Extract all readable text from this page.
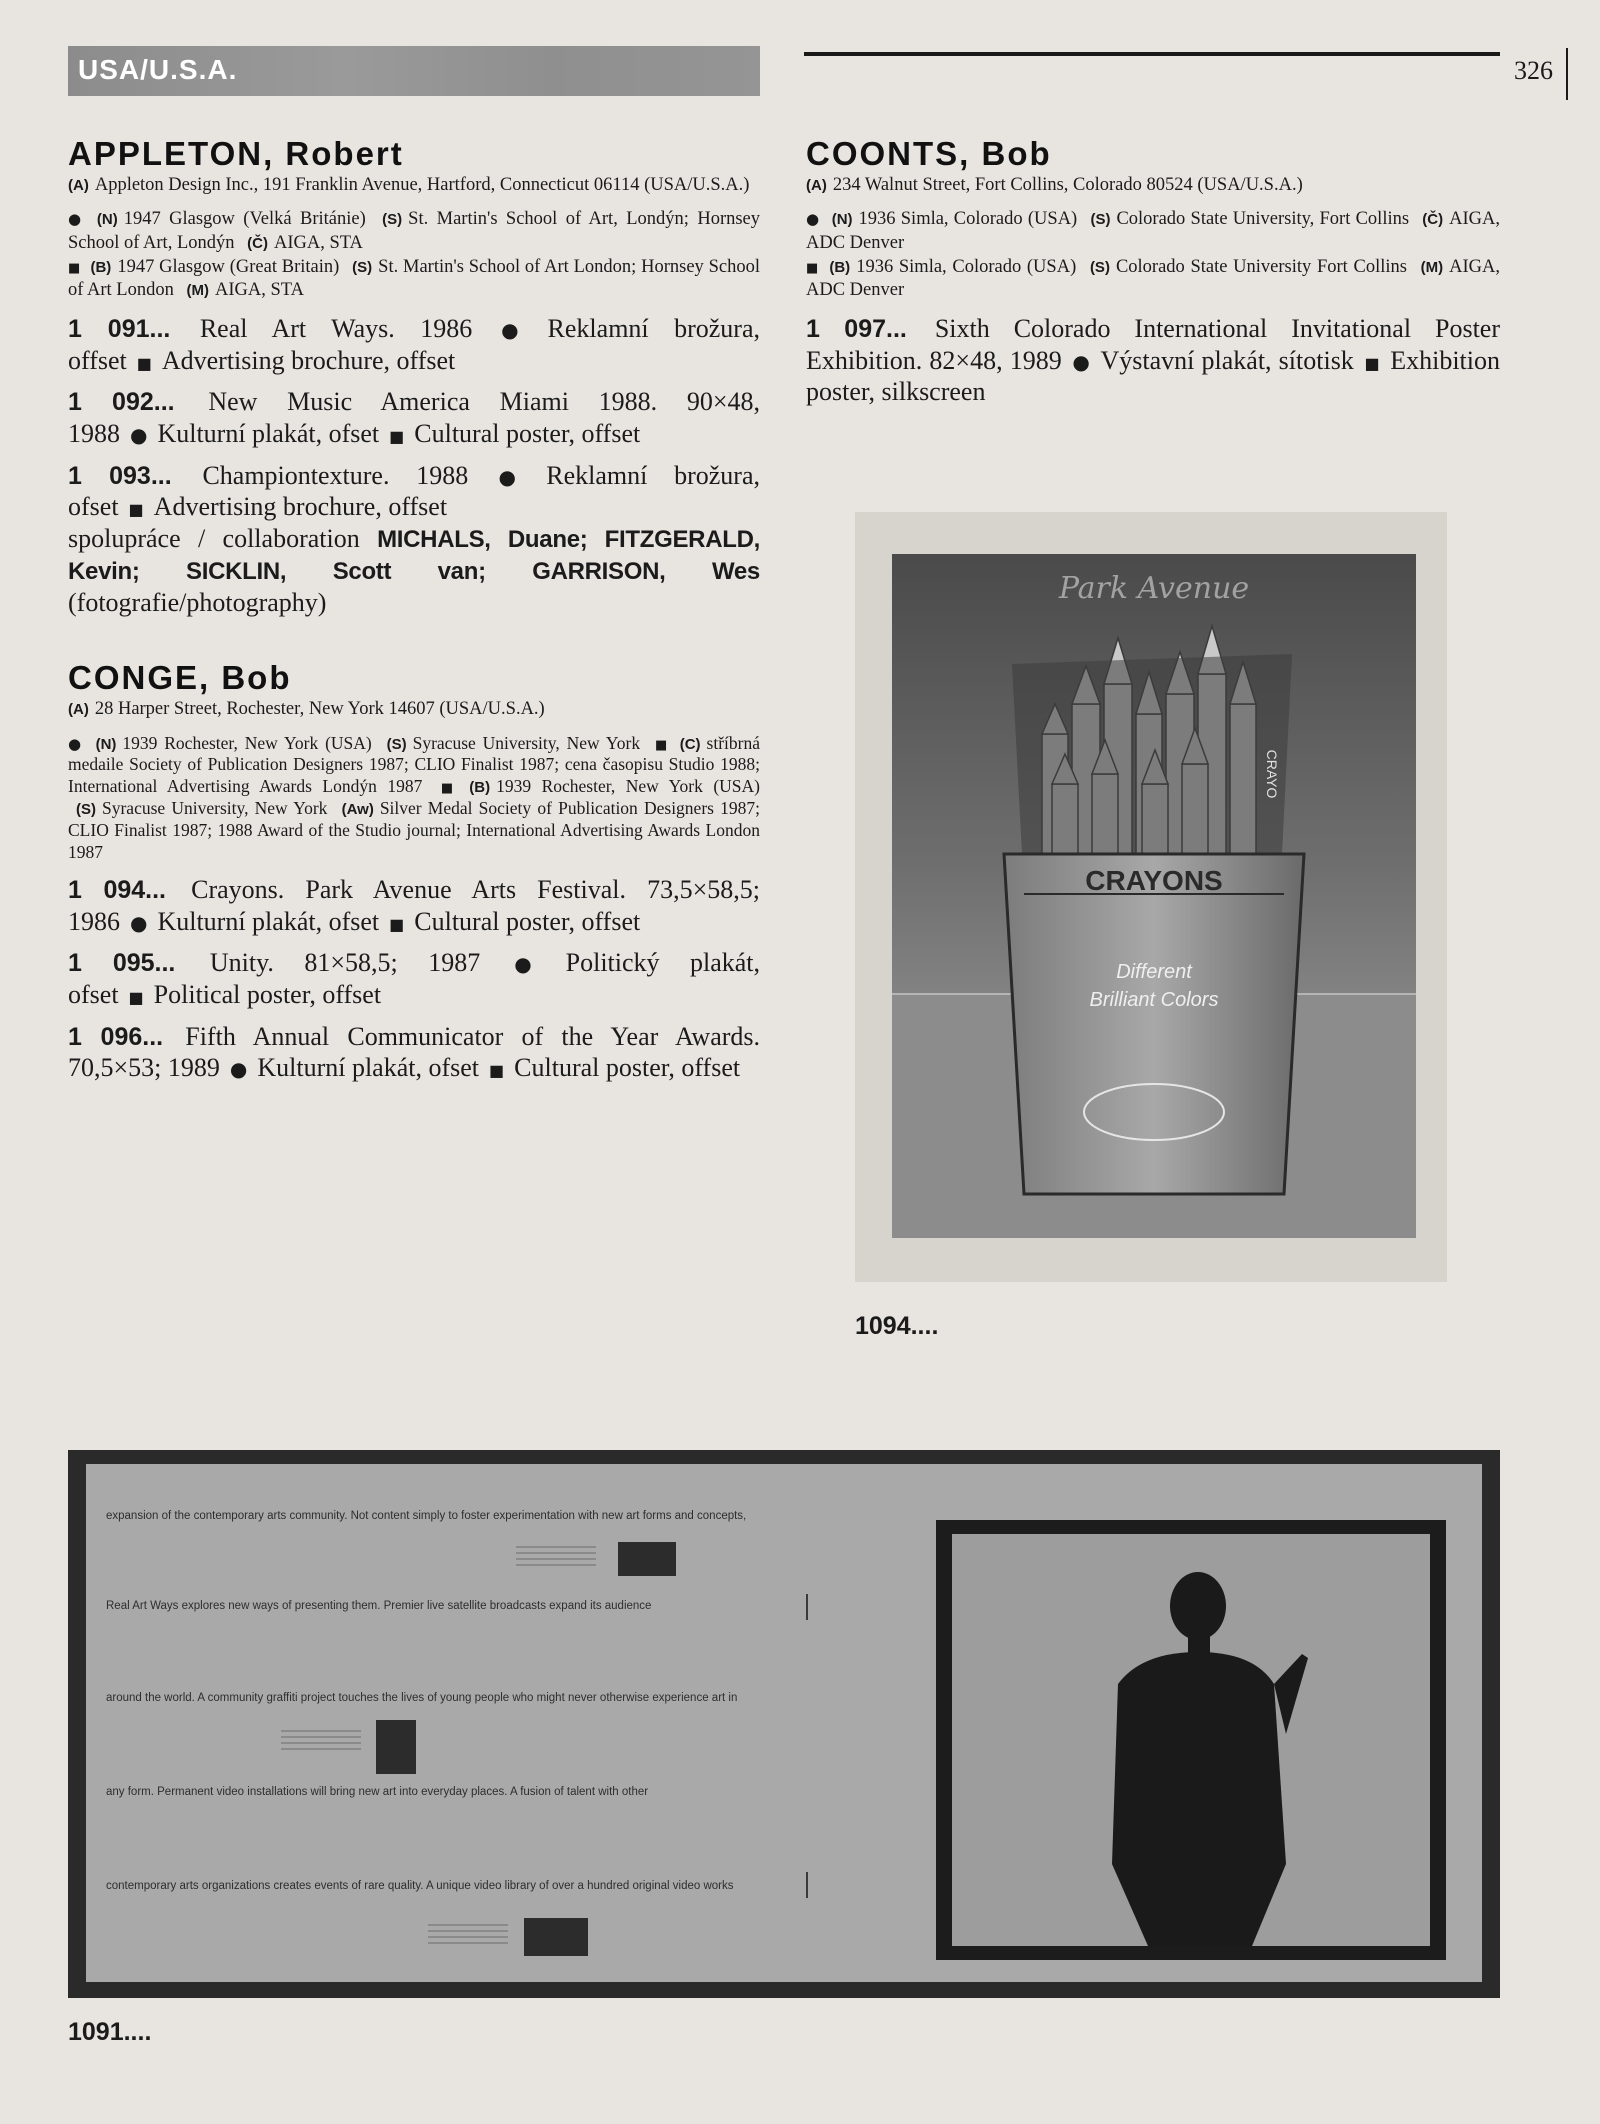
USA/U.S.A.	326
APPLETON, Robert
(A) Appleton Design Inc., 191 Franklin Avenue, Hartford, Connecticut 06114 (USA/U.S.A.)

● (N) 1947 Glasgow (Velká Británie) (S) St. Martin's School of Art, Londýn; Hornsey School of Art, Londýn (Č) AIGA, STA

■ (B) 1947 Glasgow (Great Britain) (S) St. Martin's School of Art London; Hornsey School of Art London (M) AIGA, STA

1 091... Real Art Ways. 1986 ● Reklamní brožura, offset ■ Advertising brochure, offset
1 092... New Music America Miami 1988. 90×48, 1988 ● Kulturní plakát, ofset ■ Cultural poster, offset
1 093... Championtexture. 1988 ● Reklamní brožura, ofset ■ Advertising brochure, offset
spolupráce / collaboration MICHALS, Duane; FITZGERALD, Kevin; SICKLIN, Scott van; GARRISON, Wes (fotografie/photography)
CONGE, Bob
(A) 28 Harper Street, Rochester, New York 14607 (USA/U.S.A.)

● (N) 1939 Rochester, New York (USA) (S) Syracuse University, New York ■ (C) stříbrná medaile Society of Publication Designers 1987; CLIO Finalist 1987; cena časopisu Studio 1988; International Advertising Awards Londýn 1987 ■ (B) 1939 Rochester, New York (USA) (S) Syracuse University, New York (Aw) Silver Medal Society of Publication Designers 1987; CLIO Finalist 1987; 1988 Award of the Studio journal; International Advertising Awards London 1987

1 094... Crayons. Park Avenue Arts Festival. 73,5×58,5; 1986 ● Kulturní plakát, ofset ■ Cultural poster, offset
1 095... Unity. 81×58,5; 1987 ● Politický plakát, ofset ■ Political poster, offset
1 096... Fifth Annual Communicator of the Year Awards. 70,5×53; 1989 ● Kulturní plakát, ofset ■ Cultural poster, offset
COONTS, Bob
(A) 234 Walnut Street, Fort Collins, Colorado 80524 (USA/U.S.A.)

● (N) 1936 Simla, Colorado (USA) (S) Colorado State University, Fort Collins (Č) AIGA, ADC Denver

■ (B) 1936 Simla, Colorado (USA) (S) Colorado State University Fort Collins (M) AIGA, ADC Denver

1 097... Sixth Colorado International Invitational Poster Exhibition. 82×48, 1989 ● Výstavní plakát, sítotisk ■ Exhibition poster, silkscreen
CRAYONS
Different
Brilliant Colors
CRAYO
Park Avenue
1094....
expansion of the contemporary arts community. Not content simply to foster experimentation with new art forms and concepts,
Real Art Ways explores new ways of presenting them. Premier live satellite broadcasts expand its audience
around the world. A community graffiti project touches the lives of young people who might never otherwise experience art in
any form. Permanent video installations will bring new art into everyday places. A fusion of talent with other
contemporary arts organizations creates events of rare quality. A unique video library of over a hundred original video works
1091....
